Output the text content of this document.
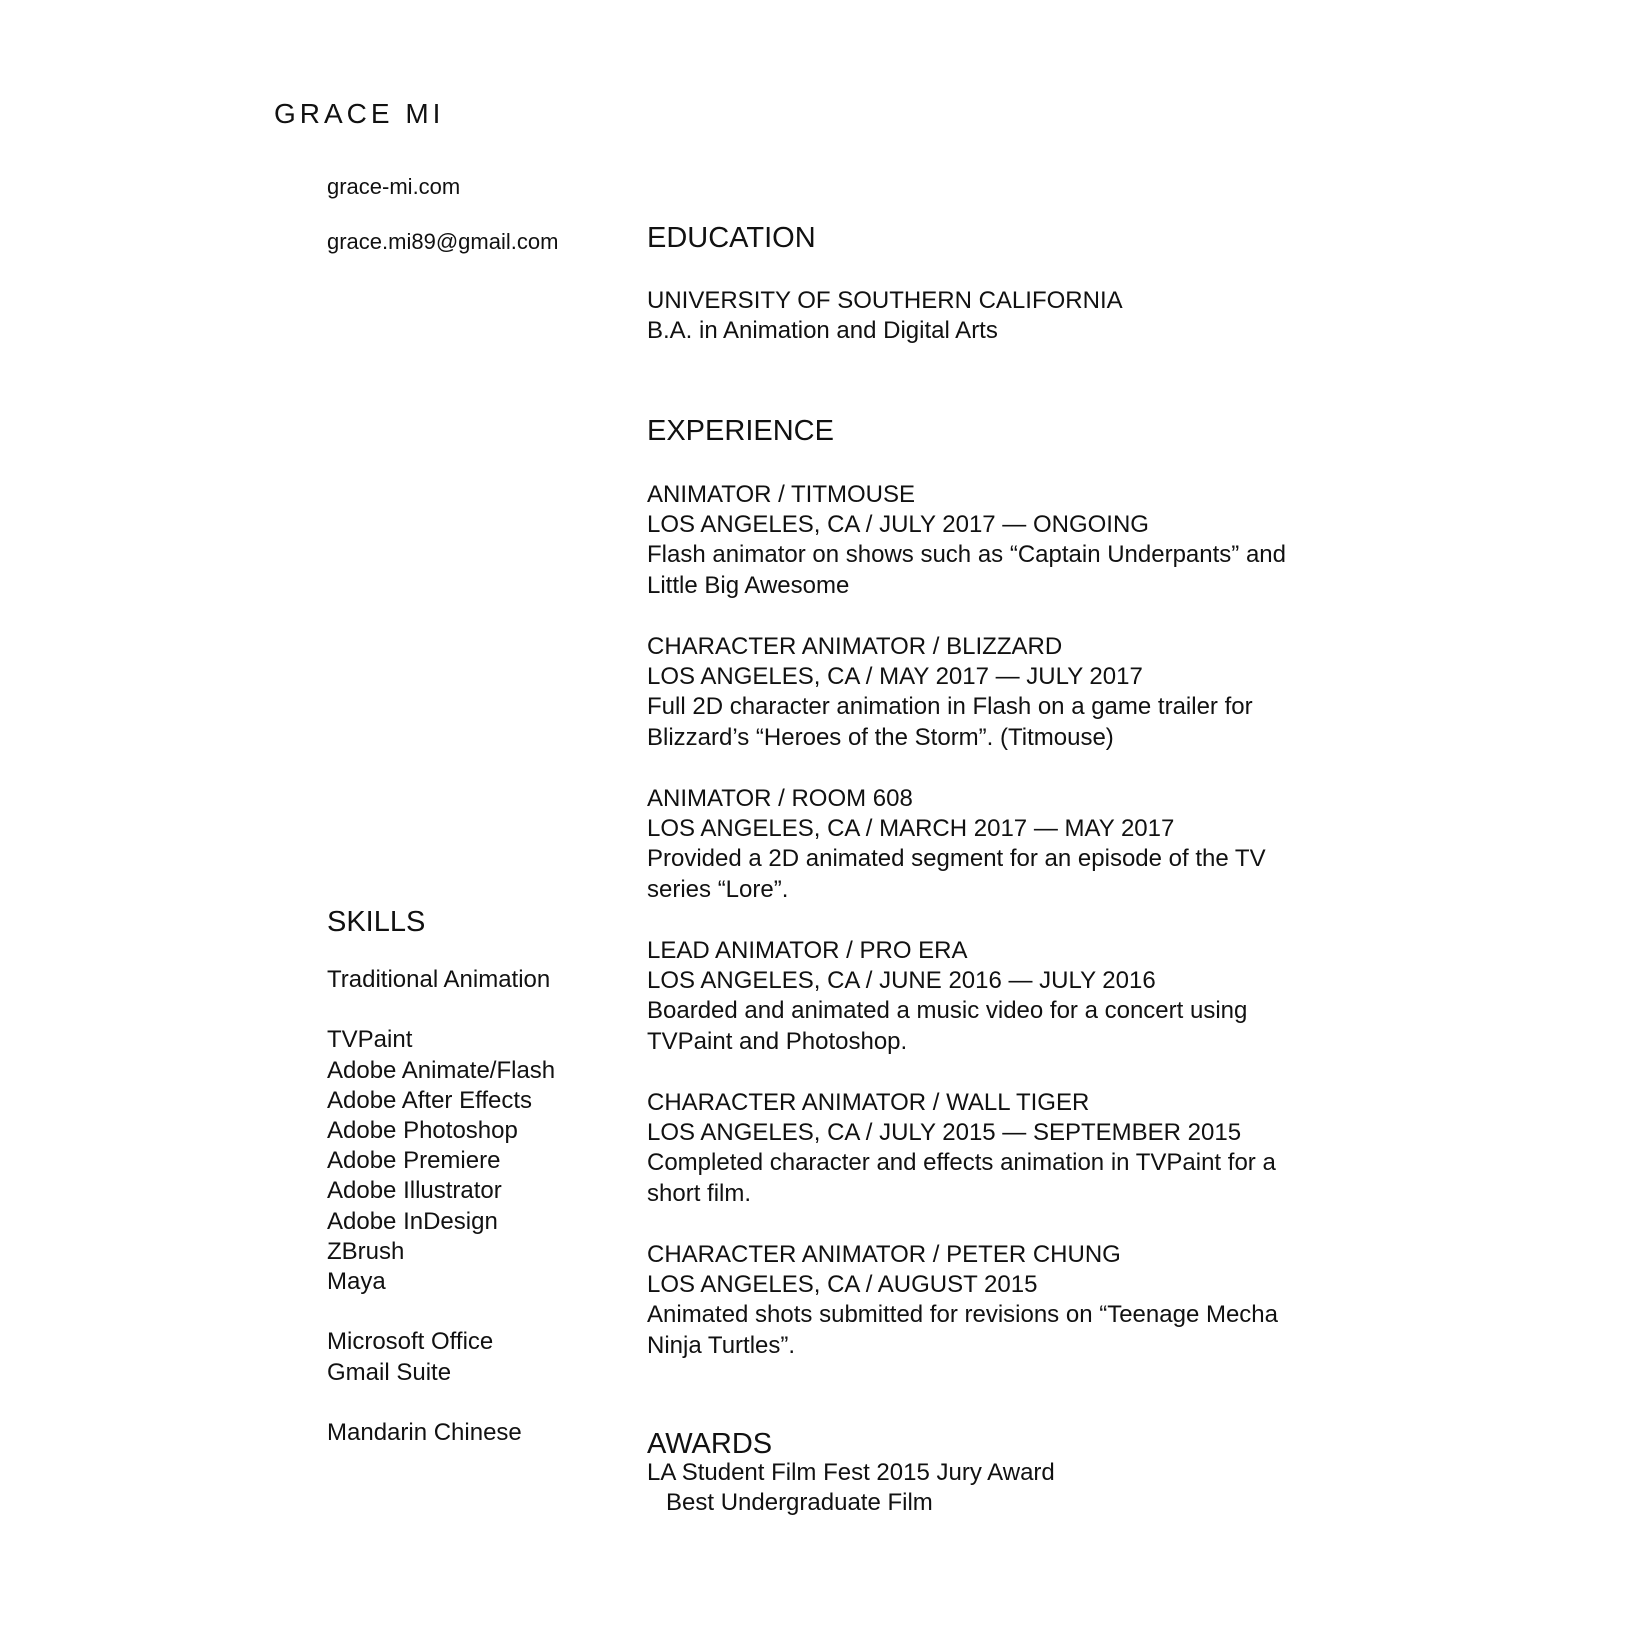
GRACE MI
grace-mi.com
grace.mi89@gmail.com	EDUCATION
UNIVERSITY OF SOUTHERN CALIFORNIA
B.A. in Animation and Digital Arts
EXPERIENCE
ANIMATOR / TITMOUSE
LOS ANGELES, CA / JULY 2017 — ONGOING
Flash animator on shows such as “Captain Underpants” and
Little Big Awesome
CHARACTER ANIMATOR / BLIZZARD
LOS ANGELES, CA / MAY 2017 — JULY 2017
Full 2D character animation in Flash on a game trailer for
Blizzard’s “Heroes of the Storm”. (Titmouse)
ANIMATOR / ROOM 608
LOS ANGELES, CA / MARCH 2017 — MAY 2017
Provided a 2D animated segment for an episode of the TV
series “Lore”.
LEAD ANIMATOR / PRO ERA
LOS ANGELES, CA / JUNE 2016 — JULY 2016
Boarded and animated a music video for a concert using
TVPaint and Photoshop.
CHARACTER ANIMATOR / WALL TIGER
LOS ANGELES, CA / JULY 2015 — SEPTEMBER 2015
Completed character and effects animation in TVPaint for a
short film.
CHARACTER ANIMATOR / PETER CHUNG
LOS ANGELES, CA / AUGUST 2015
Animated shots submitted for revisions on “Teenage Mecha
Ninja Turtles”.
AWARDS
LA Student Film Fest 2015 Jury Award
Best Undergraduate Film
SKILLS
Traditional Animation
TVPaint
Adobe Animate/Flash
Adobe After Effects
Adobe Photoshop
Adobe Premiere
Adobe Illustrator
Adobe InDesign
ZBrush
Maya
Microsoft Office
Gmail Suite
Mandarin Chinese
